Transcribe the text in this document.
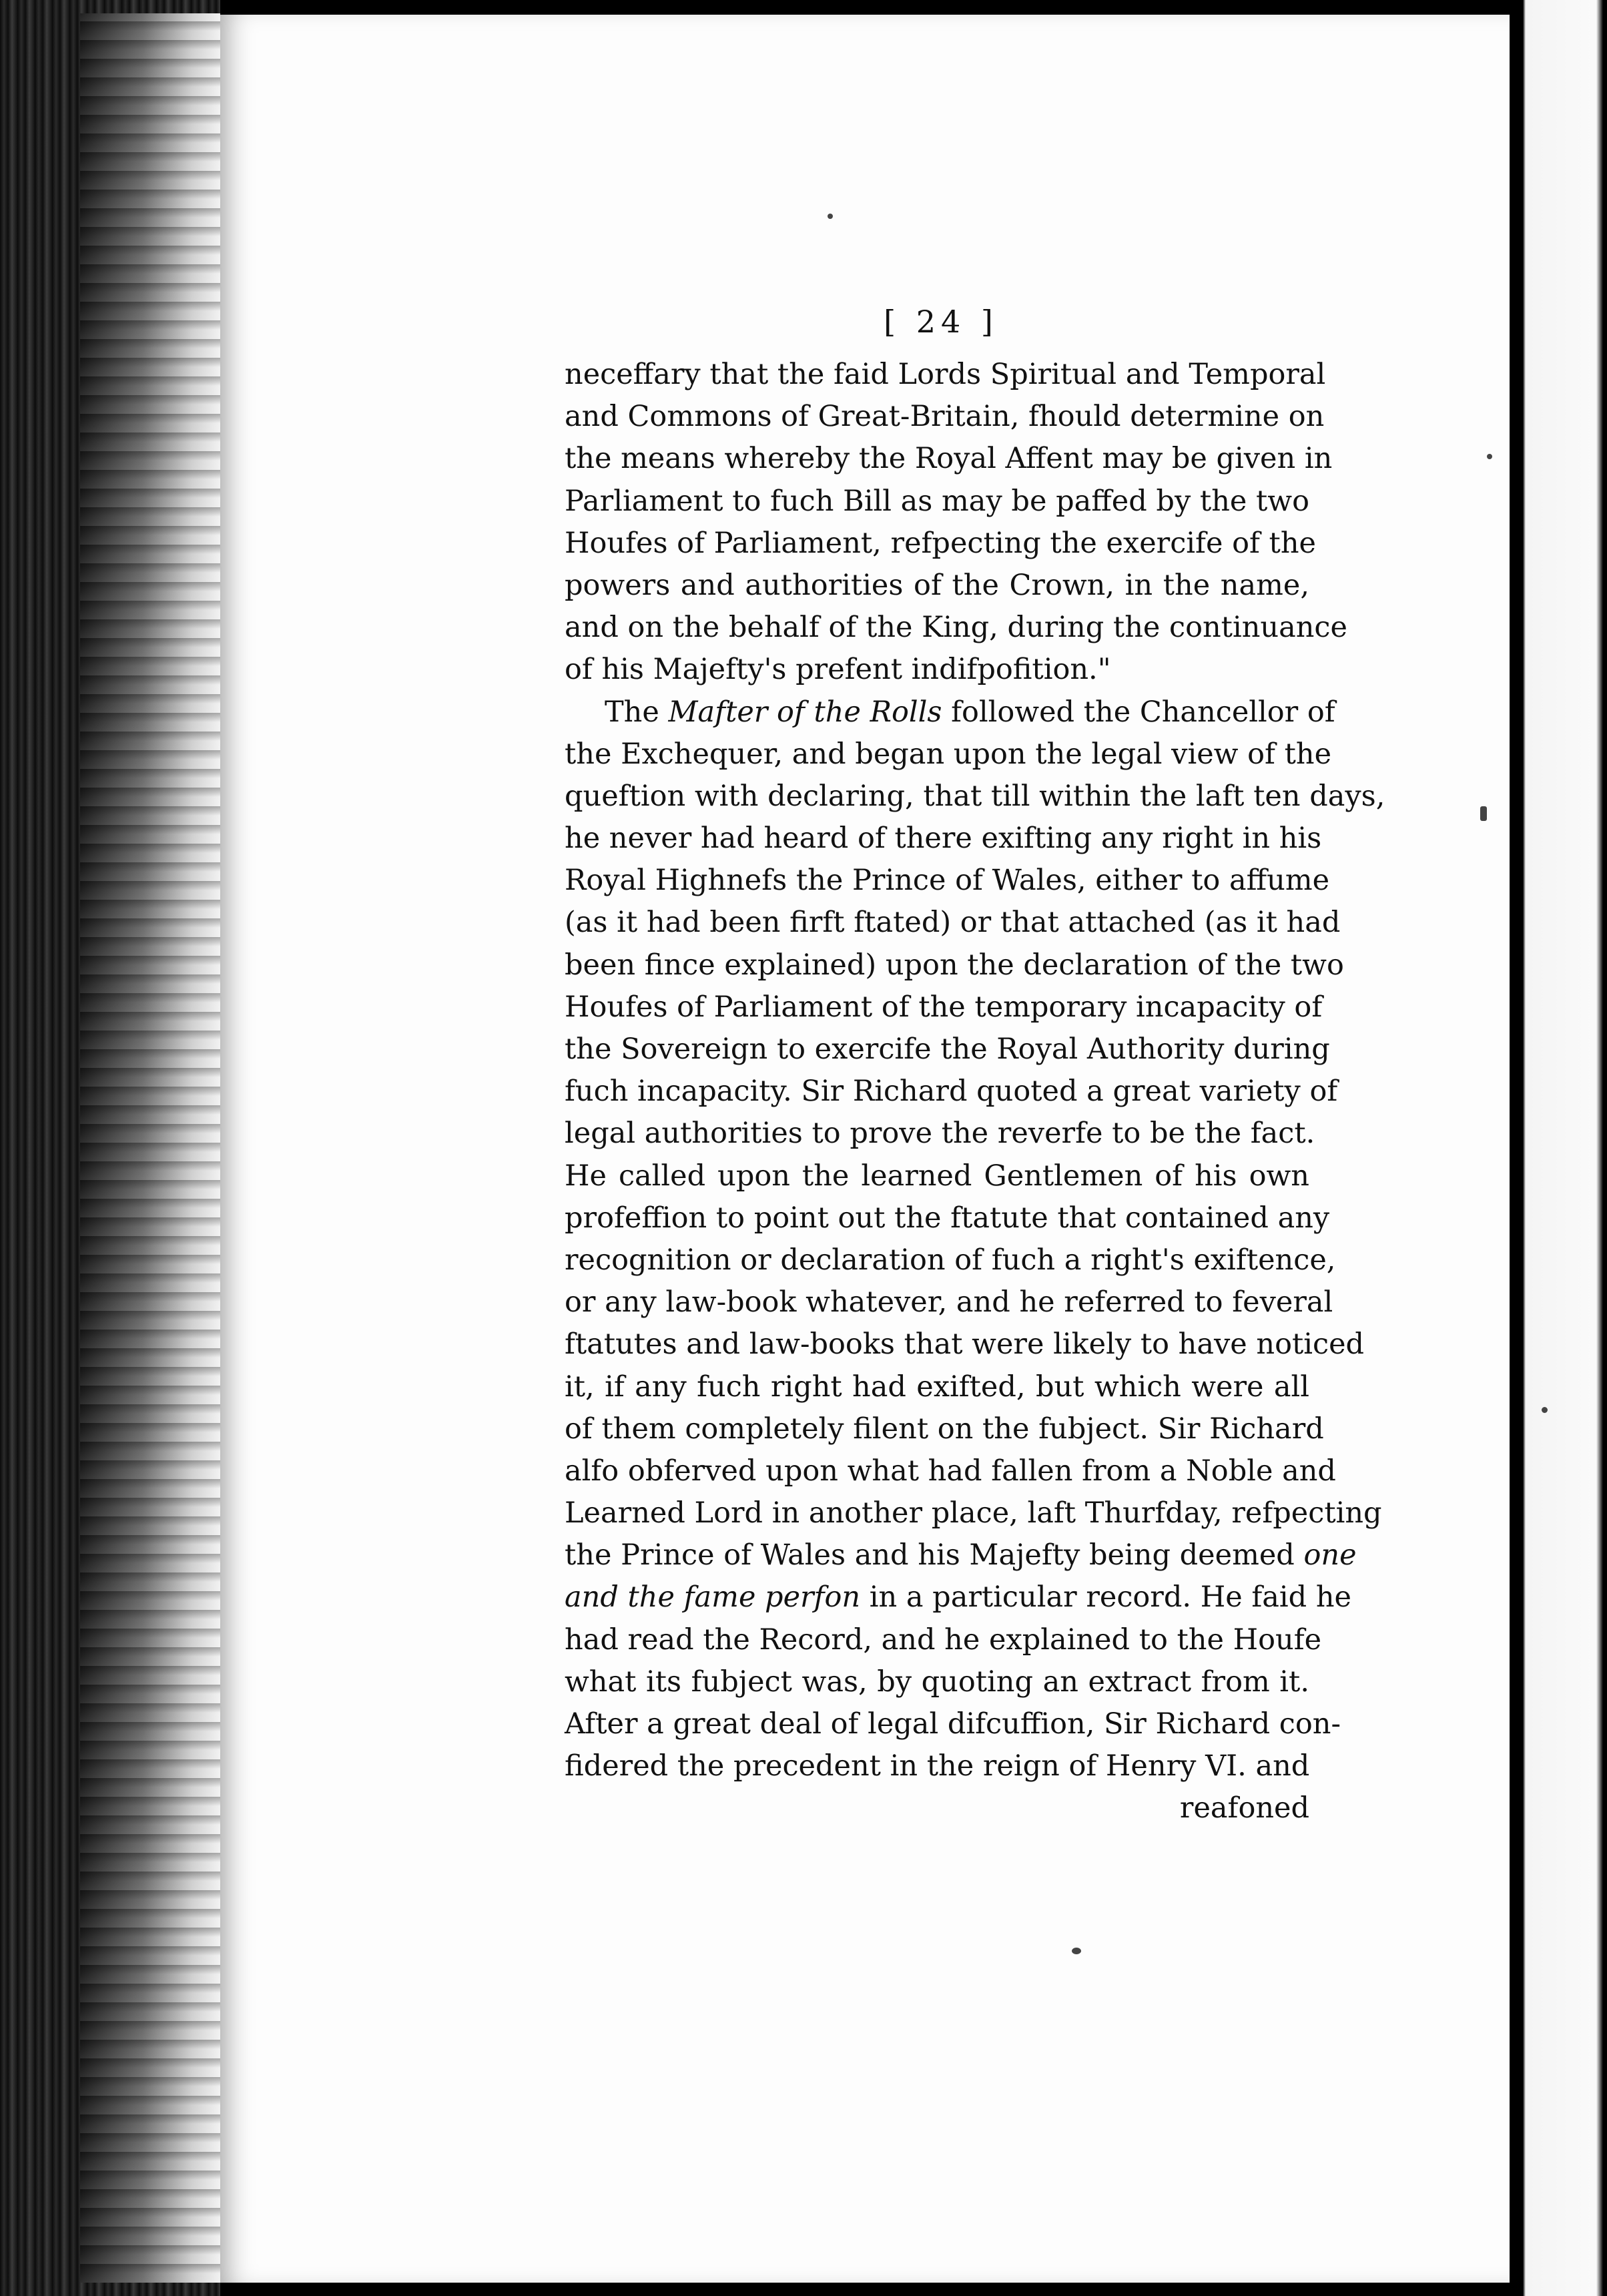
[ 24 ]
neceffary that the faid Lords Spiritual and Temporal
and Commons of Great-Britain, fhould determine on
the means whereby the Royal Affent may be given in
Parliament to fuch Bill as may be paffed by the two
Houfes of Parliament, refpecting the exercife of the
powers and authorities of the Crown, in the name,
and on the behalf of the King, during the continuance
of his Majefty's prefent indifpofition."
The Mafter of the Rolls followed the Chancellor of
the Exchequer, and began upon the legal view of the
queftion with declaring, that till within the laft ten days,
he never had heard of there exifting any right in his
Royal Highnefs the Prince of Wales, either to affume
(as it had been firft ftated) or that attached (as it had
been fince explained) upon the declaration of the two
Houfes of Parliament of the temporary incapacity of
the Sovereign to exercife the Royal Authority during
fuch incapacity. Sir Richard quoted a great variety of
legal authorities to prove the reverfe to be the fact.
He called upon the learned Gentlemen of his own
profeffion to point out the ftatute that contained any
recognition or declaration of fuch a right's exiftence,
or any law-book whatever, and he referred to feveral
ftatutes and law-books that were likely to have noticed
it, if any fuch right had exifted, but which were all
of them completely filent on the fubject. Sir Richard
alfo obferved upon what had fallen from a Noble and
Learned Lord in another place, laft Thurfday, refpecting
the Prince of Wales and his Majefty being deemed one
and the fame perfon in a particular record. He faid he
had read the Record, and he explained to the Houfe
what its fubject was, by quoting an extract from it.
After a great deal of legal difcuffion, Sir Richard con-
fidered the precedent in the reign of Henry VI. and
reafoned
